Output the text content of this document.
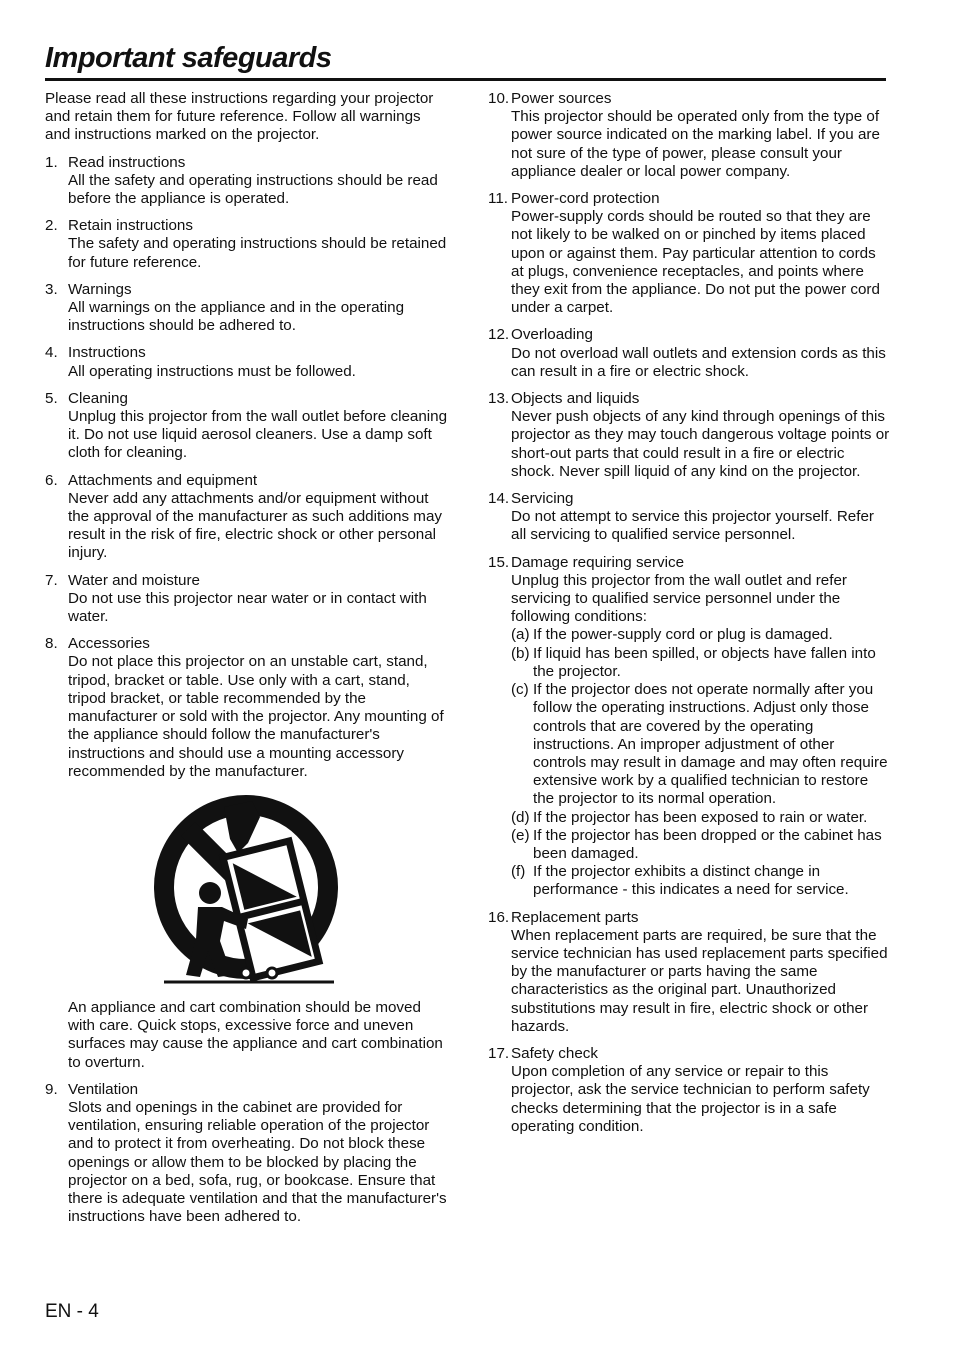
Important safeguards

Please read all these instructions regarding your projector and retain them for future reference. Follow all warnings and instructions marked on the projector.

1. Read instructions
All the safety and operating instructions should be read before the appliance is operated.
2. Retain instructions
The safety and operating instructions should be retained for future reference.
3. Warnings
All warnings on the appliance and in the operating instructions should be adhered to.
4. Instructions
All operating instructions must be followed.
5. Cleaning
Unplug this projector from the wall outlet before cleaning it. Do not use liquid aerosol cleaners. Use a damp soft cloth for cleaning.
6. Attachments and equipment
Never add any attachments and/or equipment without the approval of the manufacturer as such additions may result in the risk of fire, electric shock or other personal injury.
7. Water and moisture
Do not use this projector near water or in contact with water.
8. Accessories
Do not place this projector on an unstable cart, stand, tripod, bracket or table. Use only with a cart, stand, tripod bracket, or table recommended by the manufacturer or sold with the projector. Any mounting of the appliance should follow the manufacturer's instructions and should use a mounting accessory recommended by the manufacturer.
An appliance and cart combination should be moved with care. Quick stops, excessive force and uneven surfaces may cause the appliance and cart combination to overturn.
9. Ventilation
Slots and openings in the cabinet are provided for ventilation, ensuring reliable operation of the projector and to protect it from overheating. Do not block these openings or allow them to be blocked by placing the projector on a bed, sofa, rug, or bookcase. Ensure that there is adequate ventilation and that the manufacturer's instructions have been adhered to.
10. Power sources
This projector should be operated only from the type of power source indicated on the marking label. If you are not sure of the type of power, please consult your appliance dealer or local power company.
11. Power-cord protection
Power-supply cords should be routed so that they are not likely to be walked on or pinched by items placed upon or against them. Pay particular attention to cords at plugs, convenience receptacles, and points where they exit from the appliance. Do not put the power cord under a carpet.
12. Overloading
Do not overload wall outlets and extension cords as this can result in a fire or electric shock.
13. Objects and liquids
Never push objects of any kind through openings of this projector as they may touch dangerous voltage points or short-out parts that could result in a fire or electric shock. Never spill liquid of any kind on the projector.
14. Servicing
Do not attempt to service this projector yourself. Refer all servicing to qualified service personnel.
15. Damage requiring service
Unplug this projector from the wall outlet and refer servicing to qualified service personnel under the following conditions:
(a) If the power-supply cord or plug is damaged.
(b) If liquid has been spilled, or objects have fallen into the projector.
(c) If the projector does not operate normally after you follow the operating instructions. Adjust only those controls that are covered by the operating instructions. An improper adjustment of other controls may result in damage and may often require extensive work by a qualified technician to restore the projector to its normal operation.
(d) If the projector has been exposed to rain or water.
(e) If the projector has been dropped or the cabinet has been damaged.
(f) If the projector exhibits a distinct change in performance - this indicates a need for service.
16. Replacement parts
When replacement parts are required, be sure that the service technician has used replacement parts specified by the manufacturer or parts having the same characteristics as the original part. Unauthorized substitutions may result in fire, electric shock or other hazards.
17. Safety check
Upon completion of any service or repair to this projector, ask the service technician to perform safety checks determining that the projector is in a safe operating condition.
EN - 4
